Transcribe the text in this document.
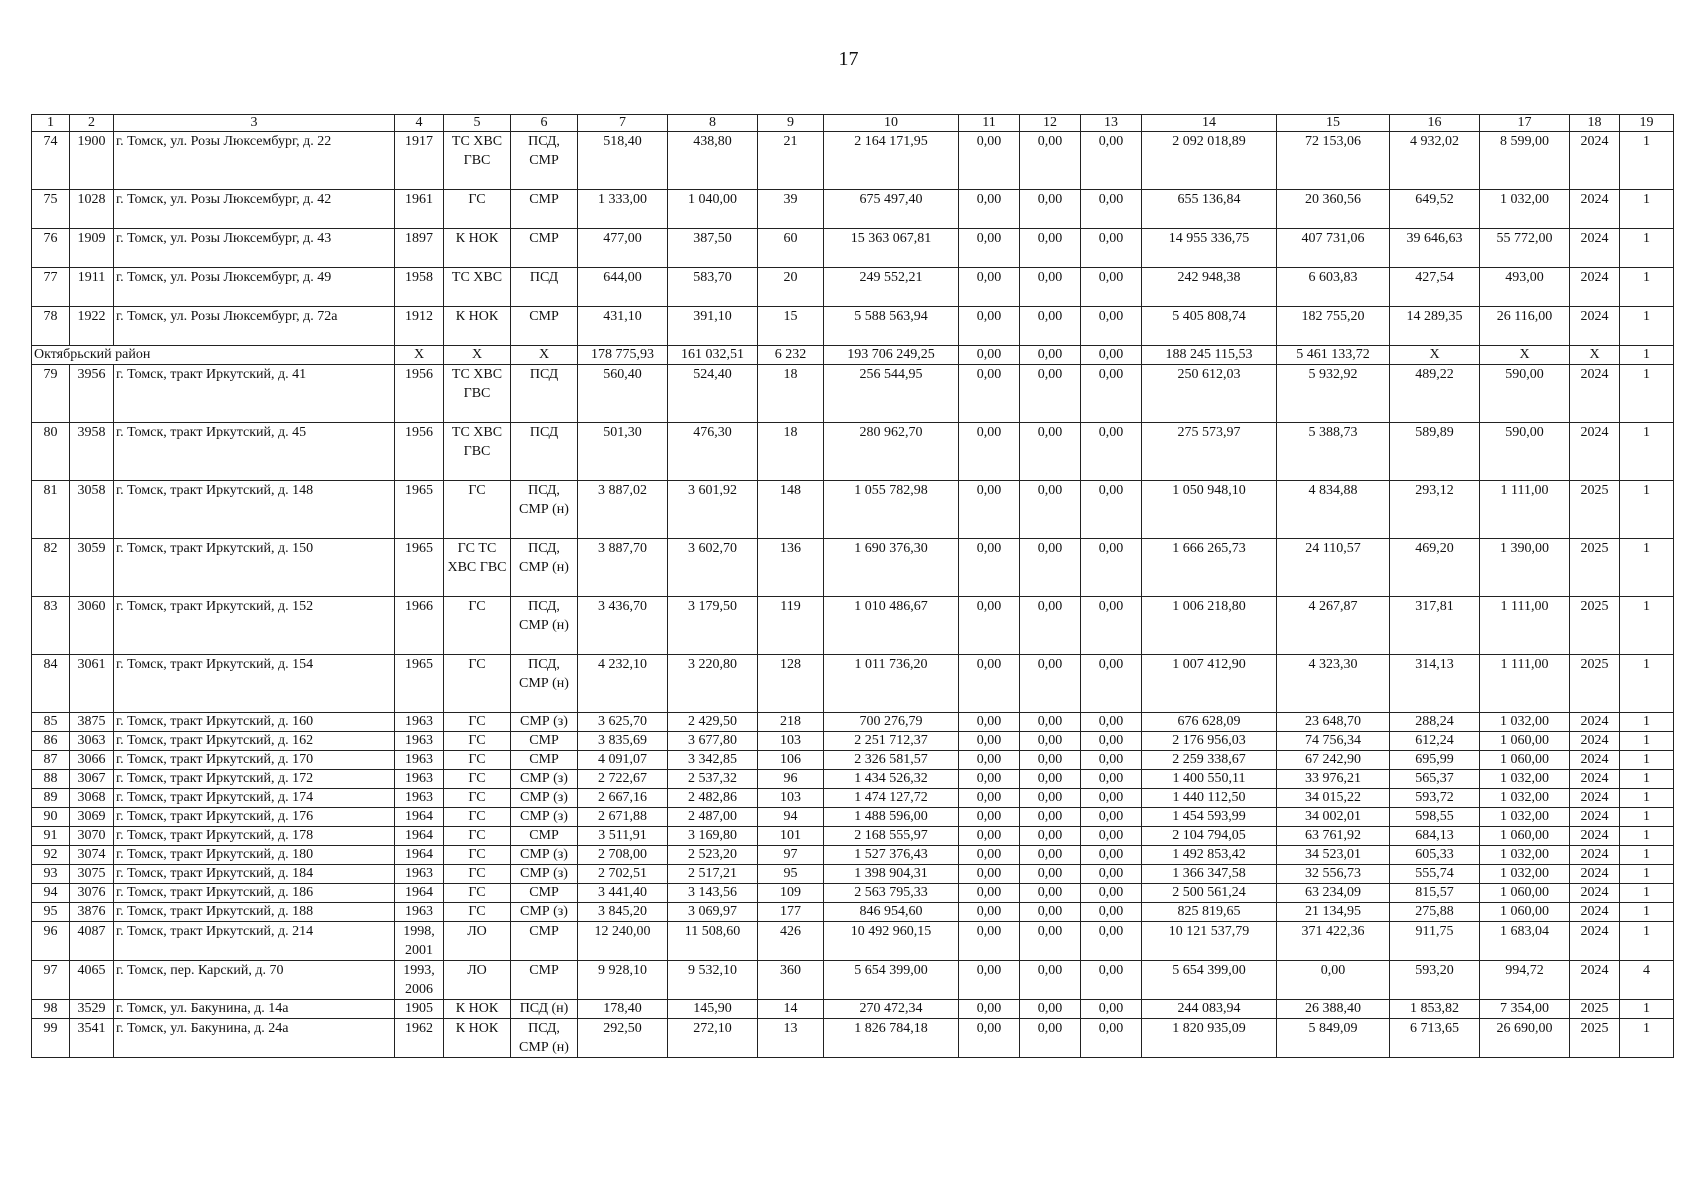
17
1	2	3	4	5	6	7	8	9	10	11	12	13	14	15	16	17	18	19
74	1900	г. Томск, ул. Розы Люксембург, д. 22	1917	ТС ХВС ГВС	ПСД, СМР	518,40	438,80	21	2 164 171,95	0,00	0,00	0,00	2 092 018,89	72 153,06	4 932,02	8 599,00	2024	1
75	1028	г. Томск, ул. Розы Люксембург, д. 42	1961	ГС	СМР	1 333,00	1 040,00	39	675 497,40	0,00	0,00	0,00	655 136,84	20 360,56	649,52	1 032,00	2024	1
76	1909	г. Томск, ул. Розы Люксембург, д. 43	1897	К НОК	СМР	477,00	387,50	60	15 363 067,81	0,00	0,00	0,00	14 955 336,75	407 731,06	39 646,63	55 772,00	2024	1
77	1911	г. Томск, ул. Розы Люксембург, д. 49	1958	ТС ХВС	ПСД	644,00	583,70	20	249 552,21	0,00	0,00	0,00	242 948,38	6 603,83	427,54	493,00	2024	1
78	1922	г. Томск, ул. Розы Люксембург, д. 72а	1912	К НОК	СМР	431,10	391,10	15	5 588 563,94	0,00	0,00	0,00	5 405 808,74	182 755,20	14 289,35	26 116,00	2024	1
Октябрьский район			Х	Х	Х	178 775,93	161 032,51	6 232	193 706 249,25	0,00	0,00	0,00	188 245 115,53	5 461 133,72	Х	Х	Х	1
79	3956	г. Томск, тракт Иркутский, д. 41	1956	ТС ХВС ГВС	ПСД	560,40	524,40	18	256 544,95	0,00	0,00	0,00	250 612,03	5 932,92	489,22	590,00	2024	1
80	3958	г. Томск, тракт Иркутский, д. 45	1956	ТС ХВС ГВС	ПСД	501,30	476,30	18	280 962,70	0,00	0,00	0,00	275 573,97	5 388,73	589,89	590,00	2024	1
81	3058	г. Томск, тракт Иркутский, д. 148	1965	ГС	ПСД, СМР (н)	3 887,02	3 601,92	148	1 055 782,98	0,00	0,00	0,00	1 050 948,10	4 834,88	293,12	1 111,00	2025	1
82	3059	г. Томск, тракт Иркутский, д. 150	1965	ГС ТС ХВС ГВС	ПСД, СМР (н)	3 887,70	3 602,70	136	1 690 376,30	0,00	0,00	0,00	1 666 265,73	24 110,57	469,20	1 390,00	2025	1
83	3060	г. Томск, тракт Иркутский, д. 152	1966	ГС	ПСД, СМР (н)	3 436,70	3 179,50	119	1 010 486,67	0,00	0,00	0,00	1 006 218,80	4 267,87	317,81	1 111,00	2025	1
84	3061	г. Томск, тракт Иркутский, д. 154	1965	ГС	ПСД, СМР (н)	4 232,10	3 220,80	128	1 011 736,20	0,00	0,00	0,00	1 007 412,90	4 323,30	314,13	1 111,00	2025	1
85	3875	г. Томск, тракт Иркутский, д. 160	1963	ГС	СМР (з)	3 625,70	2 429,50	218	700 276,79	0,00	0,00	0,00	676 628,09	23 648,70	288,24	1 032,00	2024	1
86	3063	г. Томск, тракт Иркутский, д. 162	1963	ГС	СМР	3 835,69	3 677,80	103	2 251 712,37	0,00	0,00	0,00	2 176 956,03	74 756,34	612,24	1 060,00	2024	1
87	3066	г. Томск, тракт Иркутский, д. 170	1963	ГС	СМР	4 091,07	3 342,85	106	2 326 581,57	0,00	0,00	0,00	2 259 338,67	67 242,90	695,99	1 060,00	2024	1
88	3067	г. Томск, тракт Иркутский, д. 172	1963	ГС	СМР (з)	2 722,67	2 537,32	96	1 434 526,32	0,00	0,00	0,00	1 400 550,11	33 976,21	565,37	1 032,00	2024	1
89	3068	г. Томск, тракт Иркутский, д. 174	1963	ГС	СМР (з)	2 667,16	2 482,86	103	1 474 127,72	0,00	0,00	0,00	1 440 112,50	34 015,22	593,72	1 032,00	2024	1
90	3069	г. Томск, тракт Иркутский, д. 176	1964	ГС	СМР (з)	2 671,88	2 487,00	94	1 488 596,00	0,00	0,00	0,00	1 454 593,99	34 002,01	598,55	1 032,00	2024	1
91	3070	г. Томск, тракт Иркутский, д. 178	1964	ГС	СМР	3 511,91	3 169,80	101	2 168 555,97	0,00	0,00	0,00	2 104 794,05	63 761,92	684,13	1 060,00	2024	1
92	3074	г. Томск, тракт Иркутский, д. 180	1964	ГС	СМР (з)	2 708,00	2 523,20	97	1 527 376,43	0,00	0,00	0,00	1 492 853,42	34 523,01	605,33	1 032,00	2024	1
93	3075	г. Томск, тракт Иркутский, д. 184	1963	ГС	СМР (з)	2 702,51	2 517,21	95	1 398 904,31	0,00	0,00	0,00	1 366 347,58	32 556,73	555,74	1 032,00	2024	1
94	3076	г. Томск, тракт Иркутский, д. 186	1964	ГС	СМР	3 441,40	3 143,56	109	2 563 795,33	0,00	0,00	0,00	2 500 561,24	63 234,09	815,57	1 060,00	2024	1
95	3876	г. Томск, тракт Иркутский, д. 188	1963	ГС	СМР (з)	3 845,20	3 069,97	177	846 954,60	0,00	0,00	0,00	825 819,65	21 134,95	275,88	1 060,00	2024	1
96	4087	г. Томск, тракт Иркутский, д. 214	1998, 2001	ЛО	СМР	12 240,00	11 508,60	426	10 492 960,15	0,00	0,00	0,00	10 121 537,79	371 422,36	911,75	1 683,04	2024	1
97	4065	г. Томск, пер. Карский, д. 70	1993, 2006	ЛО	СМР	9 928,10	9 532,10	360	5 654 399,00	0,00	0,00	0,00	5 654 399,00	0,00	593,20	994,72	2024	4
98	3529	г. Томск, ул. Бакунина, д. 14а	1905	К НОК	ПСД (н)	178,40	145,90	14	270 472,34	0,00	0,00	0,00	244 083,94	26 388,40	1 853,82	7 354,00	2025	1
99	3541	г. Томск, ул. Бакунина, д. 24а	1962	К НОК	ПСД, СМР (н)	292,50	272,10	13	1 826 784,18	0,00	0,00	0,00	1 820 935,09	5 849,09	6 713,65	26 690,00	2025	1
